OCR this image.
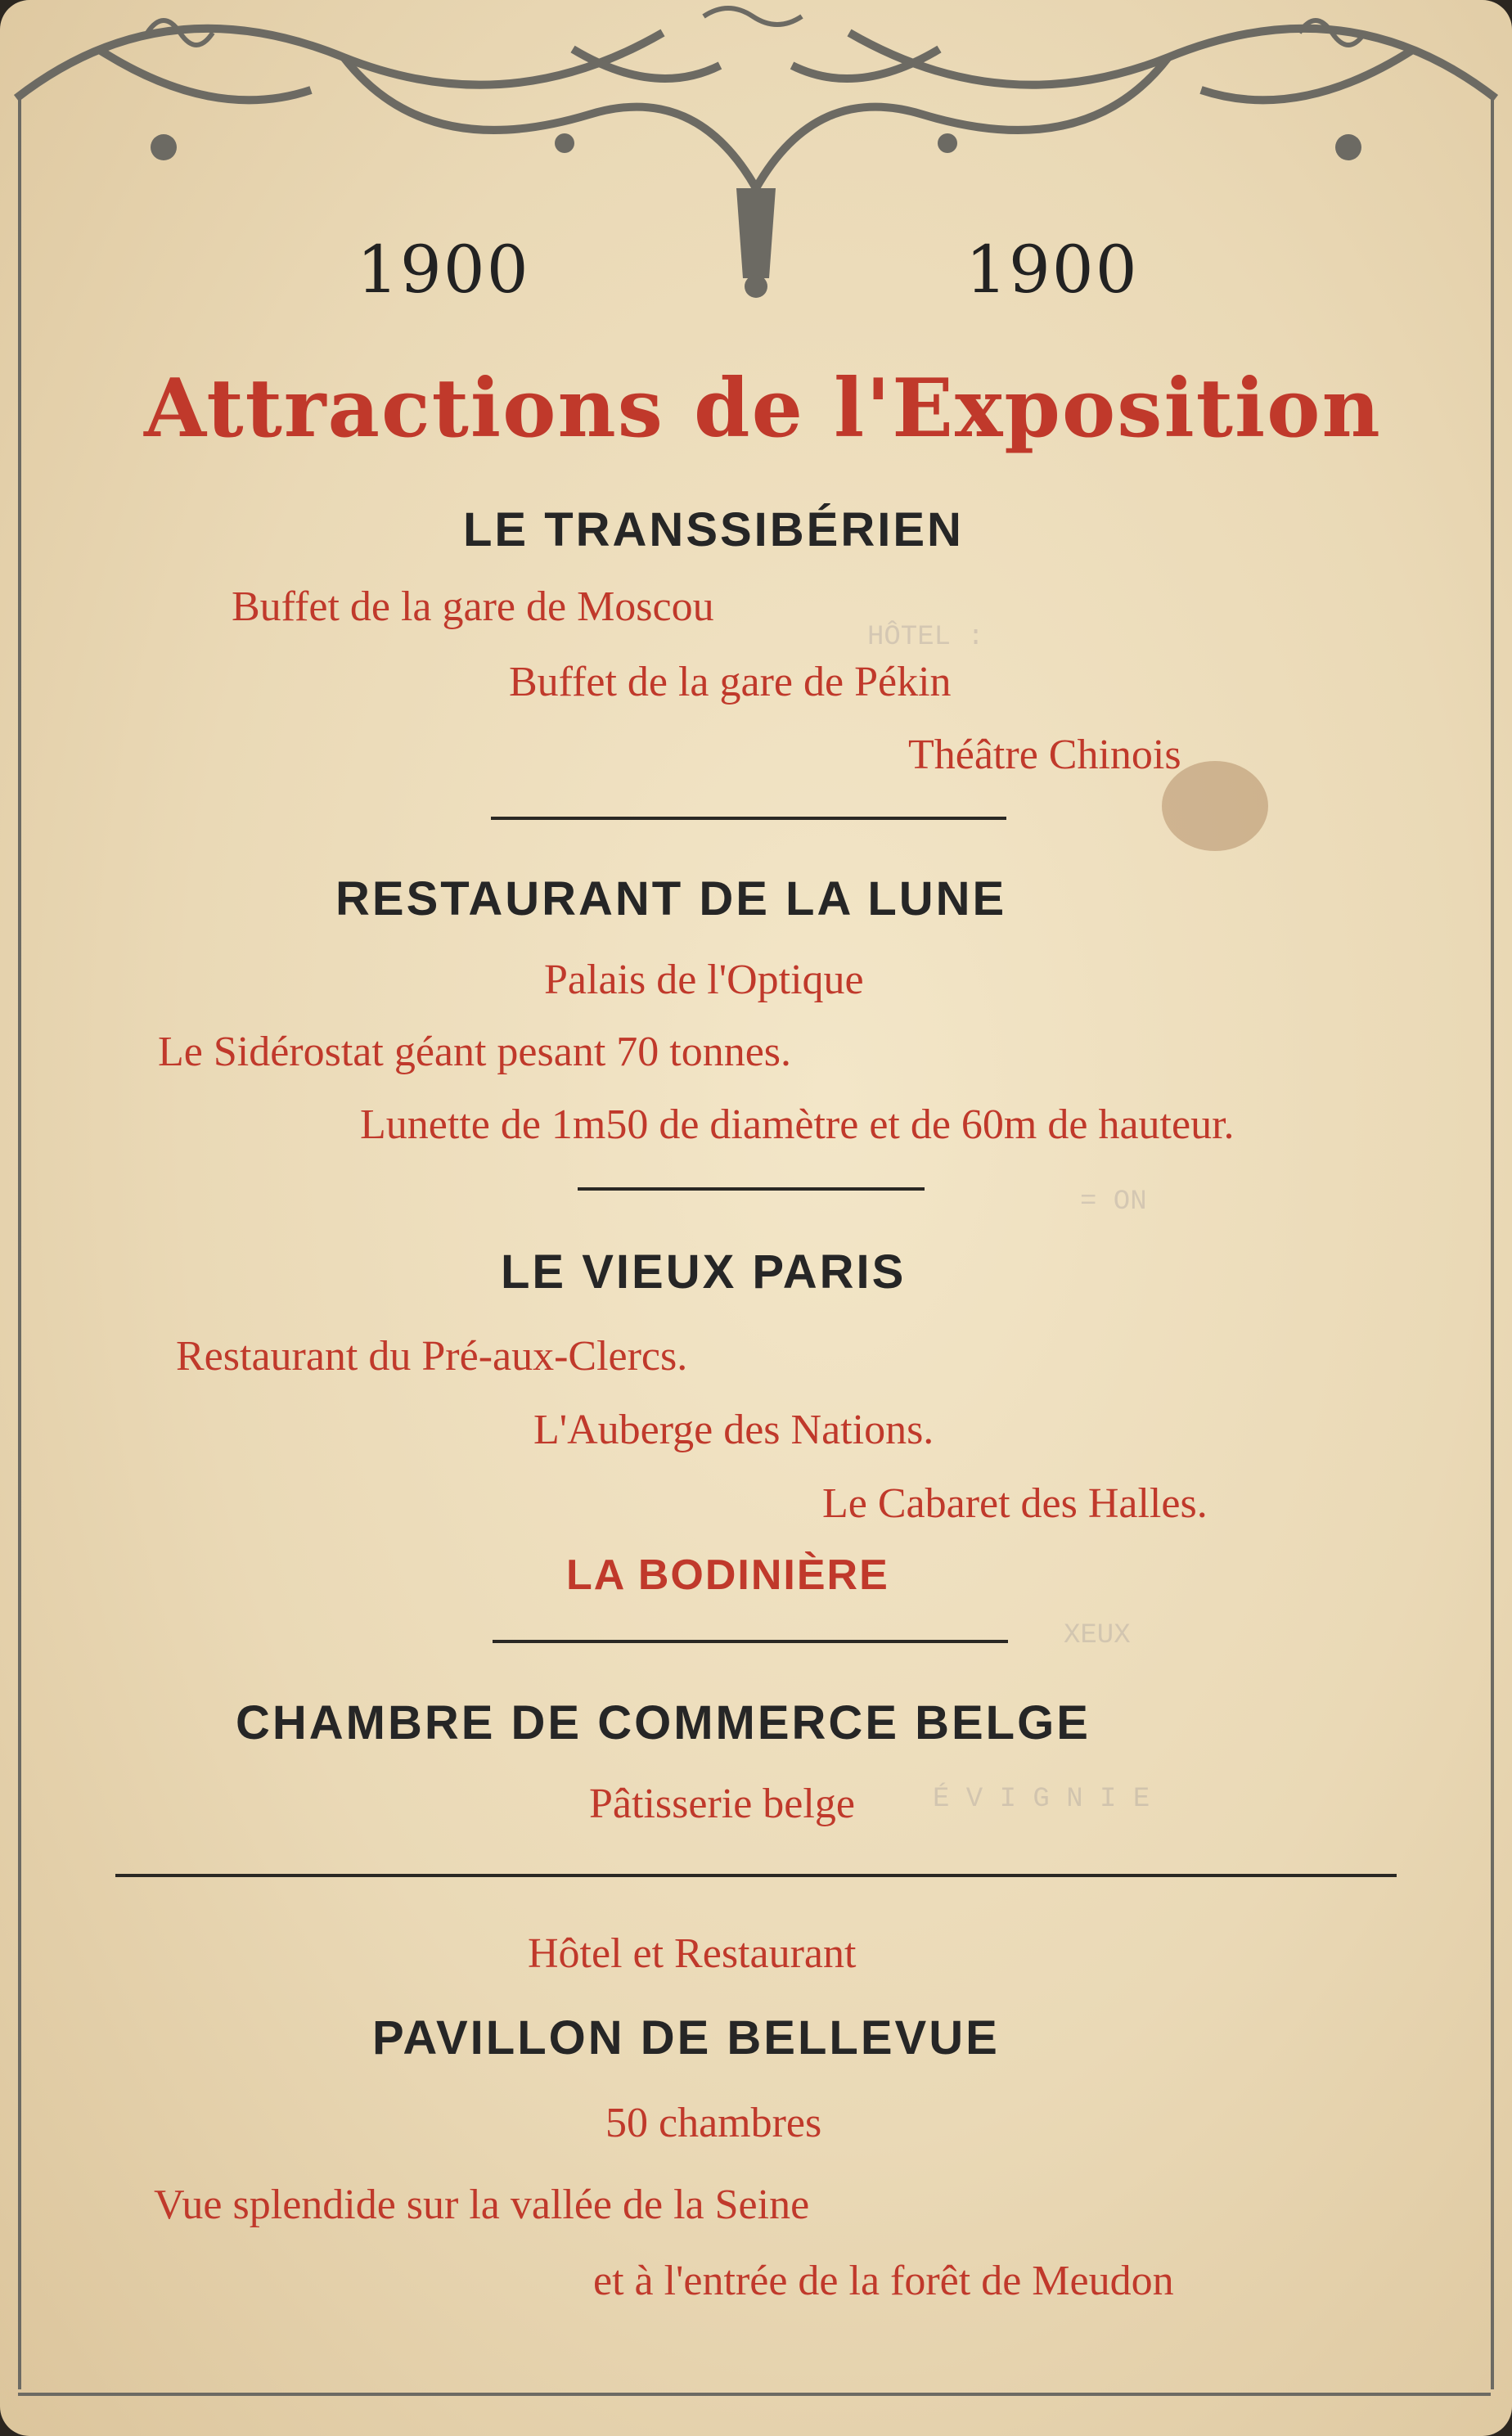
HÔTEL :
= ON
XEUX
É V I G N I E
1900	1900
Attractions de l'Exposition
LE TRANSSIBÉRIEN
Buffet de la gare de Moscou
Buffet de la gare de Pékin
Théâtre Chinois
RESTAURANT DE LA LUNE
Palais de l'Optique
Le Sidérostat géant pesant 70 tonnes.
Lunette de 1m50 de diamètre et de 60m de hauteur.
LE VIEUX PARIS
Restaurant du Pré-aux-Clercs.
L'Auberge des Nations.
Le Cabaret des Halles.
LA BODINIÈRE
CHAMBRE DE COMMERCE BELGE
Pâtisserie belge
Hôtel et Restaurant
PAVILLON DE BELLEVUE
50 chambres
Vue splendide sur la vallée de la Seine
et à l'entrée de la forêt de Meudon
